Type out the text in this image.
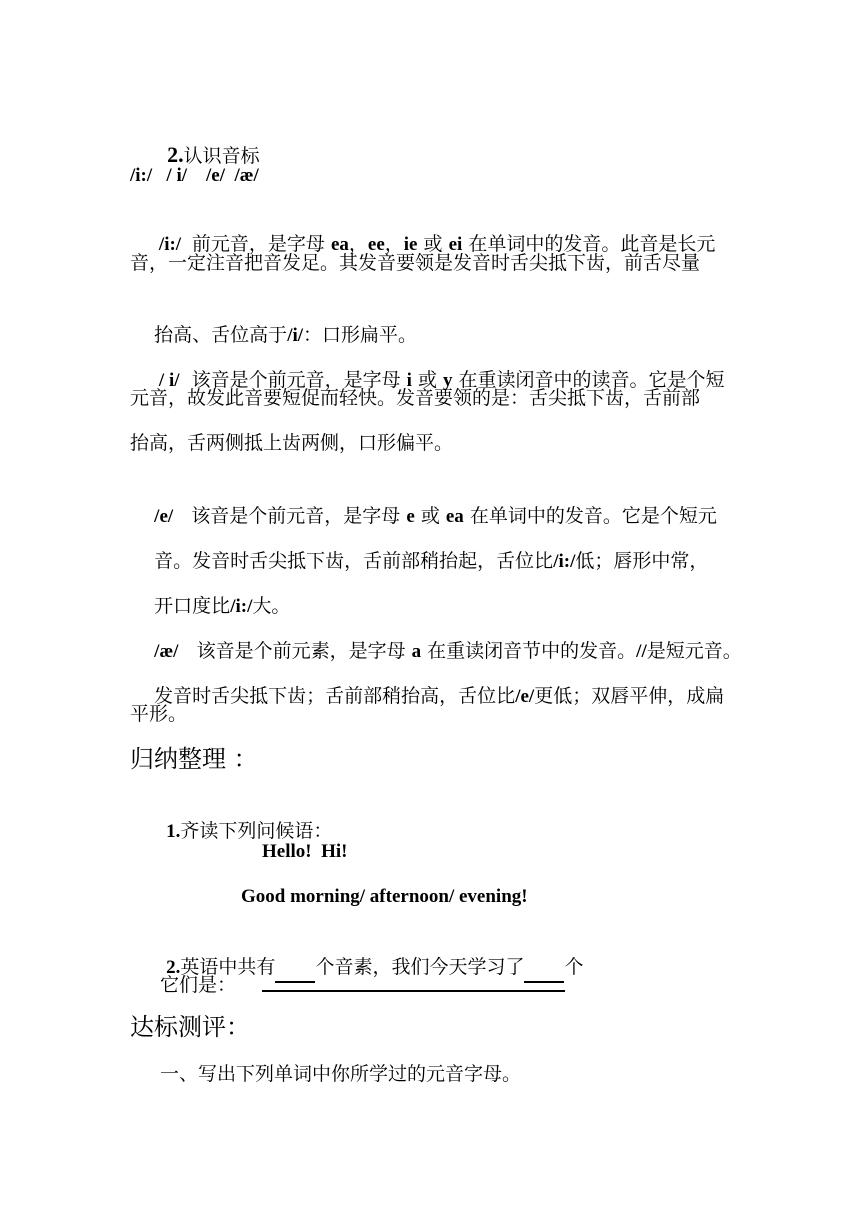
2.认识音标

/i:/   / i/    /e/  /æ/

/i:/  前元音，是字母 ea，ee，ie 或 ei 在单词中的发音。此音是长元

音，一定注音把音发足。其发音要领是发音时舌尖抵下齿，前舌尽量

抬高、舌位高于/i/：口形扁平。

/ i/  该音是个前元音，是字母 i 或 y 在重读闭音中的读音。它是个短

元音，故发此音要短促而轻快。发音要领的是：舌尖抵下齿，舌前部
抬高，舌两侧抵上齿两侧，口形偏平。

/e/   该音是个前元音，是字母 e 或 ea 在单词中的发音。它是个短元

音。发音时舌尖抵下齿，舌前部稍抬起，舌位比/i:/低；唇形中常，

开口度比/i:/大。

/æ/   该音是个前元素，是字母 a 在重读闭音节中的发音。//是短元音。

发音时舌尖抵下齿；舌前部稍抬高，舌位比/e/更低；双唇平伸，成扁

平形。
归纳整理 ：

1.齐读下列问候语：

Hello!  Hi!
Good morning/ afternoon/ evening!

2.英语中共有 个音素，我们今天学习了 个

它们是：
达标测评：
一、写出下列单词中你所学过的元音字母。
